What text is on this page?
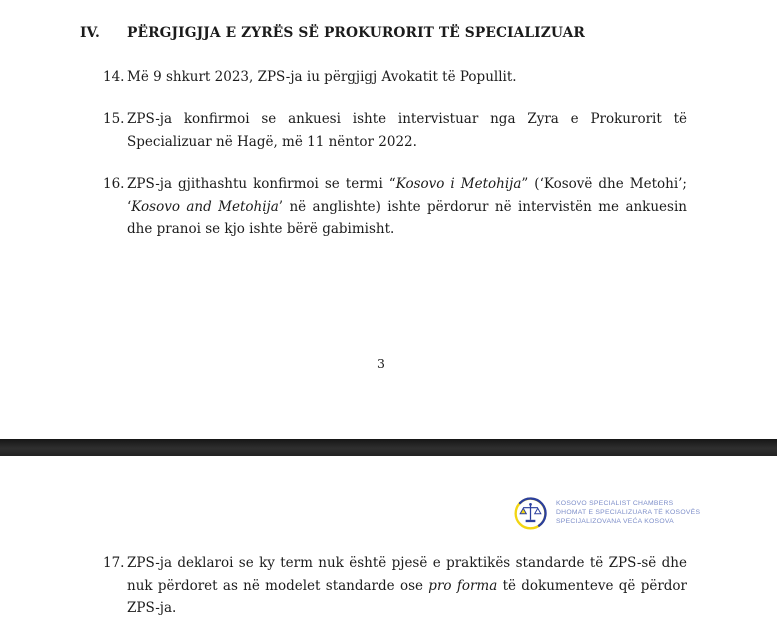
IV.	PËRGJIGJJA E ZYRËS SË PROKURORIT TË SPECIALIZUAR
14. Më 9 shkurt 2023, ZPS-ja iu përgjigj Avokatit të Popullit.
15. ZPS-ja konfirmoi se ankuesi ishte intervistuar nga Zyra e Prokurorit të Specializuar në Hagë, më 11 nëntor 2022.
16. ZPS-ja gjithashtu konfirmoi se termi “Kosovo i Metohija” (‘Kosovë dhe Metohi’; ‘Kosovo and Metohija’ në anglishte) ishte përdorur në intervistën me ankuesin dhe pranoi se kjo ishte bërë gabimisht.
3
KOSOVO SPECIALIST CHAMBERS
DHOMAT E SPECIALIZUARA TË KOSOVËS
SPECIJALIZOVANA VEĆA KOSOVA
17. ZPS-ja deklaroi se ky term nuk është pjesë e praktikës standarde të ZPS-së dhe nuk përdoret as në modelet standarde ose pro forma të dokumenteve që përdor ZPS-ja.
